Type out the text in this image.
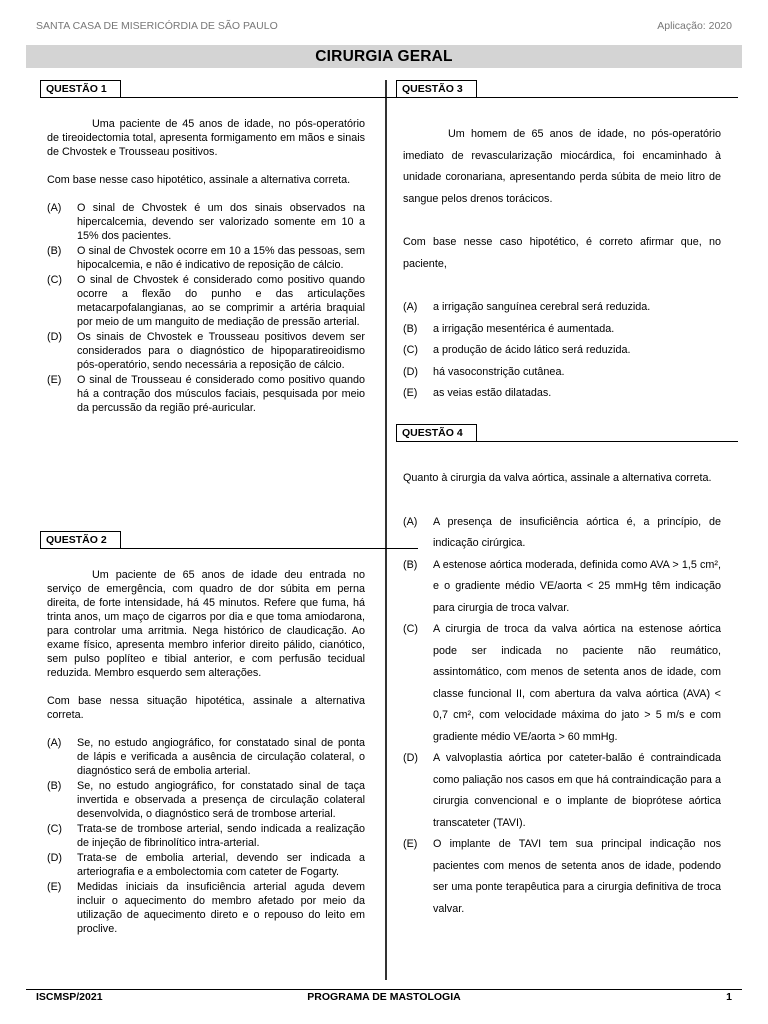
SANTA CASA DE MISERICÓRDIA DE SÃO PAULO	Aplicação: 2020
CIRURGIA GERAL
QUESTÃO 1

Uma paciente de 45 anos de idade, no pós-operatório de tireoidectomia total, apresenta formigamento em mãos e sinais de Chvostek e Trousseau positivos.

Com base nesse caso hipotético, assinale a alternativa correta.

(A) O sinal de Chvostek é um dos sinais observados na hipercalcemia, devendo ser valorizado somente em 10 a 15% dos pacientes.
(B) O sinal de Chvostek ocorre em 10 a 15% das pessoas, sem hipocalcemia, e não é indicativo de reposição de cálcio.
(C) O sinal de Chvostek é considerado como positivo quando ocorre a flexão do punho e das articulações metacarpofalangianas, ao se comprimir a artéria braquial por meio de um manguito de mediação de pressão arterial.
(D) Os sinais de Chvostek e Trousseau positivos devem ser considerados para o diagnóstico de hipoparatireoidismo pós-operatório, sendo necessária a reposição de cálcio.
(E) O sinal de Trousseau é considerado como positivo quando há a contração dos músculos faciais, pesquisada por meio da percussão da região pré-auricular.
QUESTÃO 2

Um paciente de 65 anos de idade deu entrada no serviço de emergência, com quadro de dor súbita em perna direita, de forte intensidade, há 45 minutos. Refere que fuma, há trinta anos, um maço de cigarros por dia e que toma amiodarona, para controlar uma arritmia. Nega histórico de claudicação. Ao exame físico, apresenta membro inferior direito pálido, cianótico, sem pulso poplíteo e tibial anterior, e com perfusão tecidual reduzida. Membro esquerdo sem alterações.

Com base nessa situação hipotética, assinale a alternativa correta.

(A) Se, no estudo angiográfico, for constatado sinal de ponta de lápis e verificada a ausência de circulação colateral, o diagnóstico será de embolia arterial.
(B) Se, no estudo angiográfico, for constatado sinal de taça invertida e observada a presença de circulação colateral desenvolvida, o diagnóstico será de trombose arterial.
(C) Trata-se de trombose arterial, sendo indicada a realização de injeção de fibrinolítico intra-arterial.
(D) Trata-se de embolia arterial, devendo ser indicada a arteriografia e a embolectomia com cateter de Fogarty.
(E) Medidas iniciais da insuficiência arterial aguda devem incluir o aquecimento do membro afetado por meio da utilização de aquecimento direto e o repouso do leito em proclive.
QUESTÃO 3

Um homem de 65 anos de idade, no pós-operatório imediato de revascularização miocárdica, foi encaminhado à unidade coronariana, apresentando perda súbita de meio litro de sangue pelos drenos torácicos.

Com base nesse caso hipotético, é correto afirmar que, no paciente,

(A) a irrigação sanguínea cerebral será reduzida.
(B) a irrigação mesentérica é aumentada.
(C) a produção de ácido lático será reduzida.
(D) há vasoconstrição cutânea.
(E) as veias estão dilatadas.
QUESTÃO 4

Quanto à cirurgia da valva aórtica, assinale a alternativa correta.

(A) A presença de insuficiência aórtica é, a princípio, de indicação cirúrgica.
(B) A estenose aórtica moderada, definida como AVA > 1,5 cm², e o gradiente médio VE/aorta < 25 mmHg têm indicação para cirurgia de troca valvar.
(C) A cirurgia de troca da valva aórtica na estenose aórtica pode ser indicada no paciente não reumático, assintomático, com menos de setenta anos de idade, com classe funcional II, com abertura da valva aórtica (AVA) < 0,7 cm², com velocidade máxima do jato > 5 m/s e com gradiente médio VE/aorta > 60 mmHg.
(D) A valvoplastia aórtica por cateter-balão é contraindicada como paliação nos casos em que há contraindicação para a cirurgia convencional e o implante de bioprótese aórtica transcateter (TAVI).
(E) O implante de TAVI tem sua principal indicação nos pacientes com menos de setenta anos de idade, podendo ser uma ponte terapêutica para a cirurgia definitiva de troca valvar.
ISCMSP/2021	PROGRAMA DE MASTOLOGIA	1
